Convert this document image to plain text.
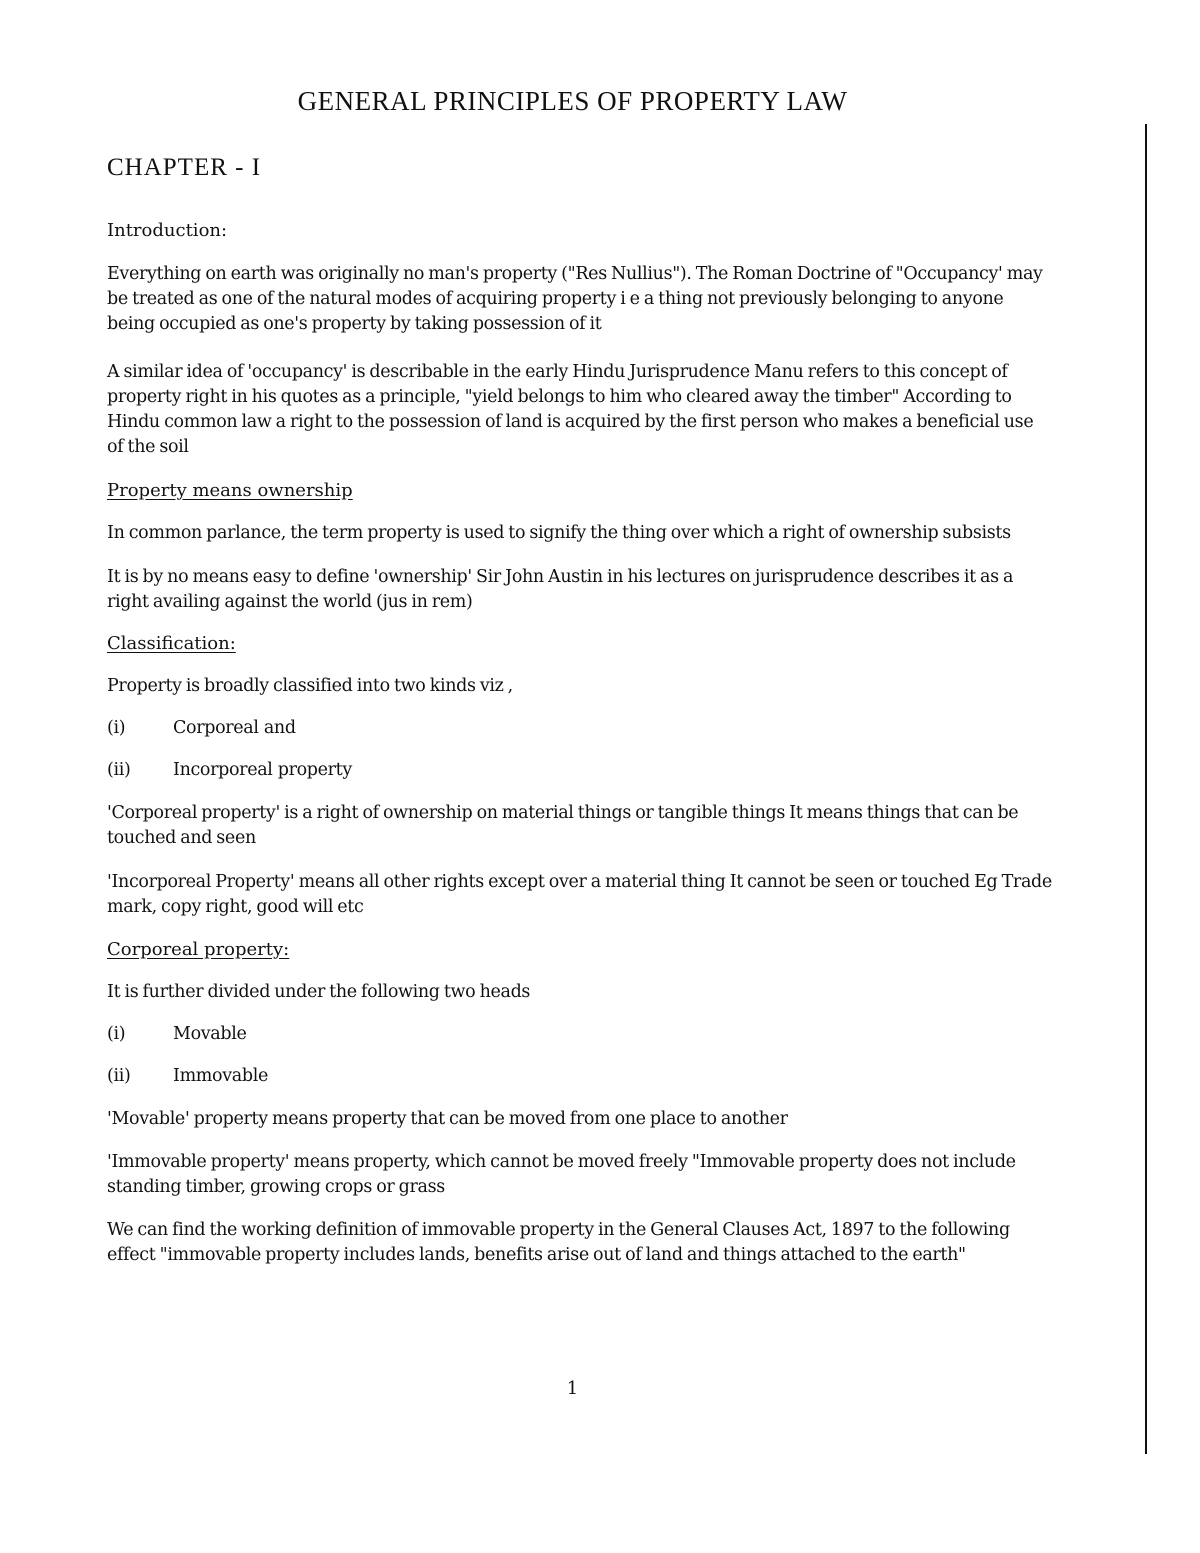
GENERAL PRINCIPLES OF PROPERTY LAW
CHAPTER - I
Introduction:
Everything on earth was originally no man's property ("Res Nullius"). The Roman Doctrine of "Occupancy' may be treated as one of the natural modes of acquiring property i e a thing not previously belonging to anyone being occupied as one's property by taking possession of it
A similar idea of 'occupancy' is describable in the early Hindu Jurisprudence Manu refers to this concept of property right in his quotes as a principle, "yield belongs to him who cleared away the timber" According to Hindu common law a right to the possession of land is acquired by the first person who makes a beneficial use of the soil
Property means ownership
In common parlance, the term property is used to signify the thing over which a right of ownership subsists
It is by no means easy to define 'ownership' Sir John Austin in his lectures on jurisprudence describes it as a right availing against the world (jus in rem)
Classification:
Property is broadly classified into two kinds viz ,
(i)	Corporeal and
(ii) Incorporeal property
'Corporeal property' is a right of ownership on material things or tangible things It means things that can be touched and seen
'Incorporeal Property' means all other rights except over a material thing It cannot be seen or touched Eg Trade mark, copy right, good will etc
Corporeal property:
It is further divided under the following two heads
(i)	Movable
(ii) Immovable
'Movable' property means property that can be moved from one place to another
'Immovable property' means property, which cannot be moved freely "Immovable property does not include standing timber, growing crops or grass
We can find the working definition of immovable property in the General Clauses Act, 1897 to the following effect "immovable property includes lands, benefits arise out of land and things attached to the earth"
1
